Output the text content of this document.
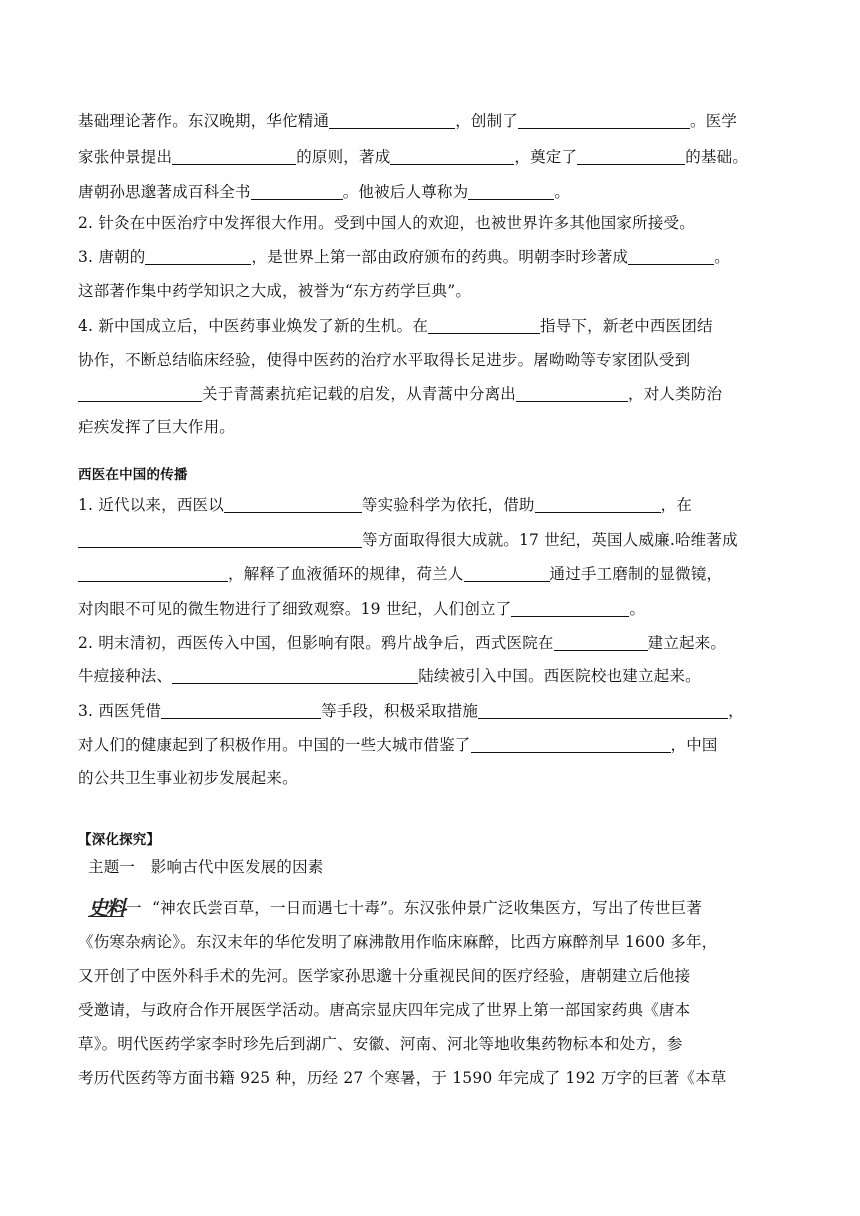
基础理论著作。东汉晚期，华佗精通	，创制了	。医学
家张仲景提出	的原则，著成	，奠定了	的基础。
唐朝孙思邈著成百科全书	。他被后人尊称为	。
2. 针灸在中医治疗中发挥很大作用。受到中国人的欢迎，也被世界许多其他国家所接受。
3. 唐朝的	，是世界上第一部由政府颁布的药典。明朝李时珍著成	。
这部著作集中药学知识之大成，被誉为“东方药学巨典”。
4. 新中国成立后，中医药事业焕发了新的生机。在	指导下，新老中西医团结
协作，不断总结临床经验，使得中医药的治疗水平取得长足进步。屠呦呦等专家团队受到
关于青蒿素抗疟记载的启发，从青蒿中分离出	，对人类防治
疟疾发挥了巨大作用。
西医在中国的传播
1. 近代以来，西医以	等实验科学为依托，借助	，在
等方面取得很大成就。17 世纪，英国人威廉.哈维著成
，解释了血液循环的规律，荷兰人	通过手工磨制的显微镜，
对肉眼不可见的微生物进行了细致观察。19 世纪，人们创立了	。
2. 明末清初，西医传入中国，但影响有限。鸦片战争后，西式医院在	建立起来。
牛痘接种法、	陆续被引入中国。西医院校也建立起来。
3. 西医凭借	等手段，积极采取措施	，
对人们的健康起到了积极作用。中国的一些大城市借鉴了	，中国
的公共卫生事业初步发展起来。
【深化探究】
主题一　影响古代中医发展的因素
史料 一 “神农氏尝百草，一日而遇七十毒”。东汉张仲景广泛收集医方，写出了传世巨著
《伤寒杂病论》。东汉末年的华佗发明了麻沸散用作临床麻醉，比西方麻醉剂早 1600 多年，
又开创了中医外科手术的先河。医学家孙思邈十分重视民间的医疗经验，唐朝建立后他接
受邀请，与政府合作开展医学活动。唐高宗显庆四年完成了世界上第一部国家药典《唐本
草》。明代医药学家李时珍先后到湖广、安徽、河南、河北等地收集药物标本和处方，参
考历代医药等方面书籍 925 种，历经 27 个寒暑，于 1590 年完成了 192 万字的巨著《本草
